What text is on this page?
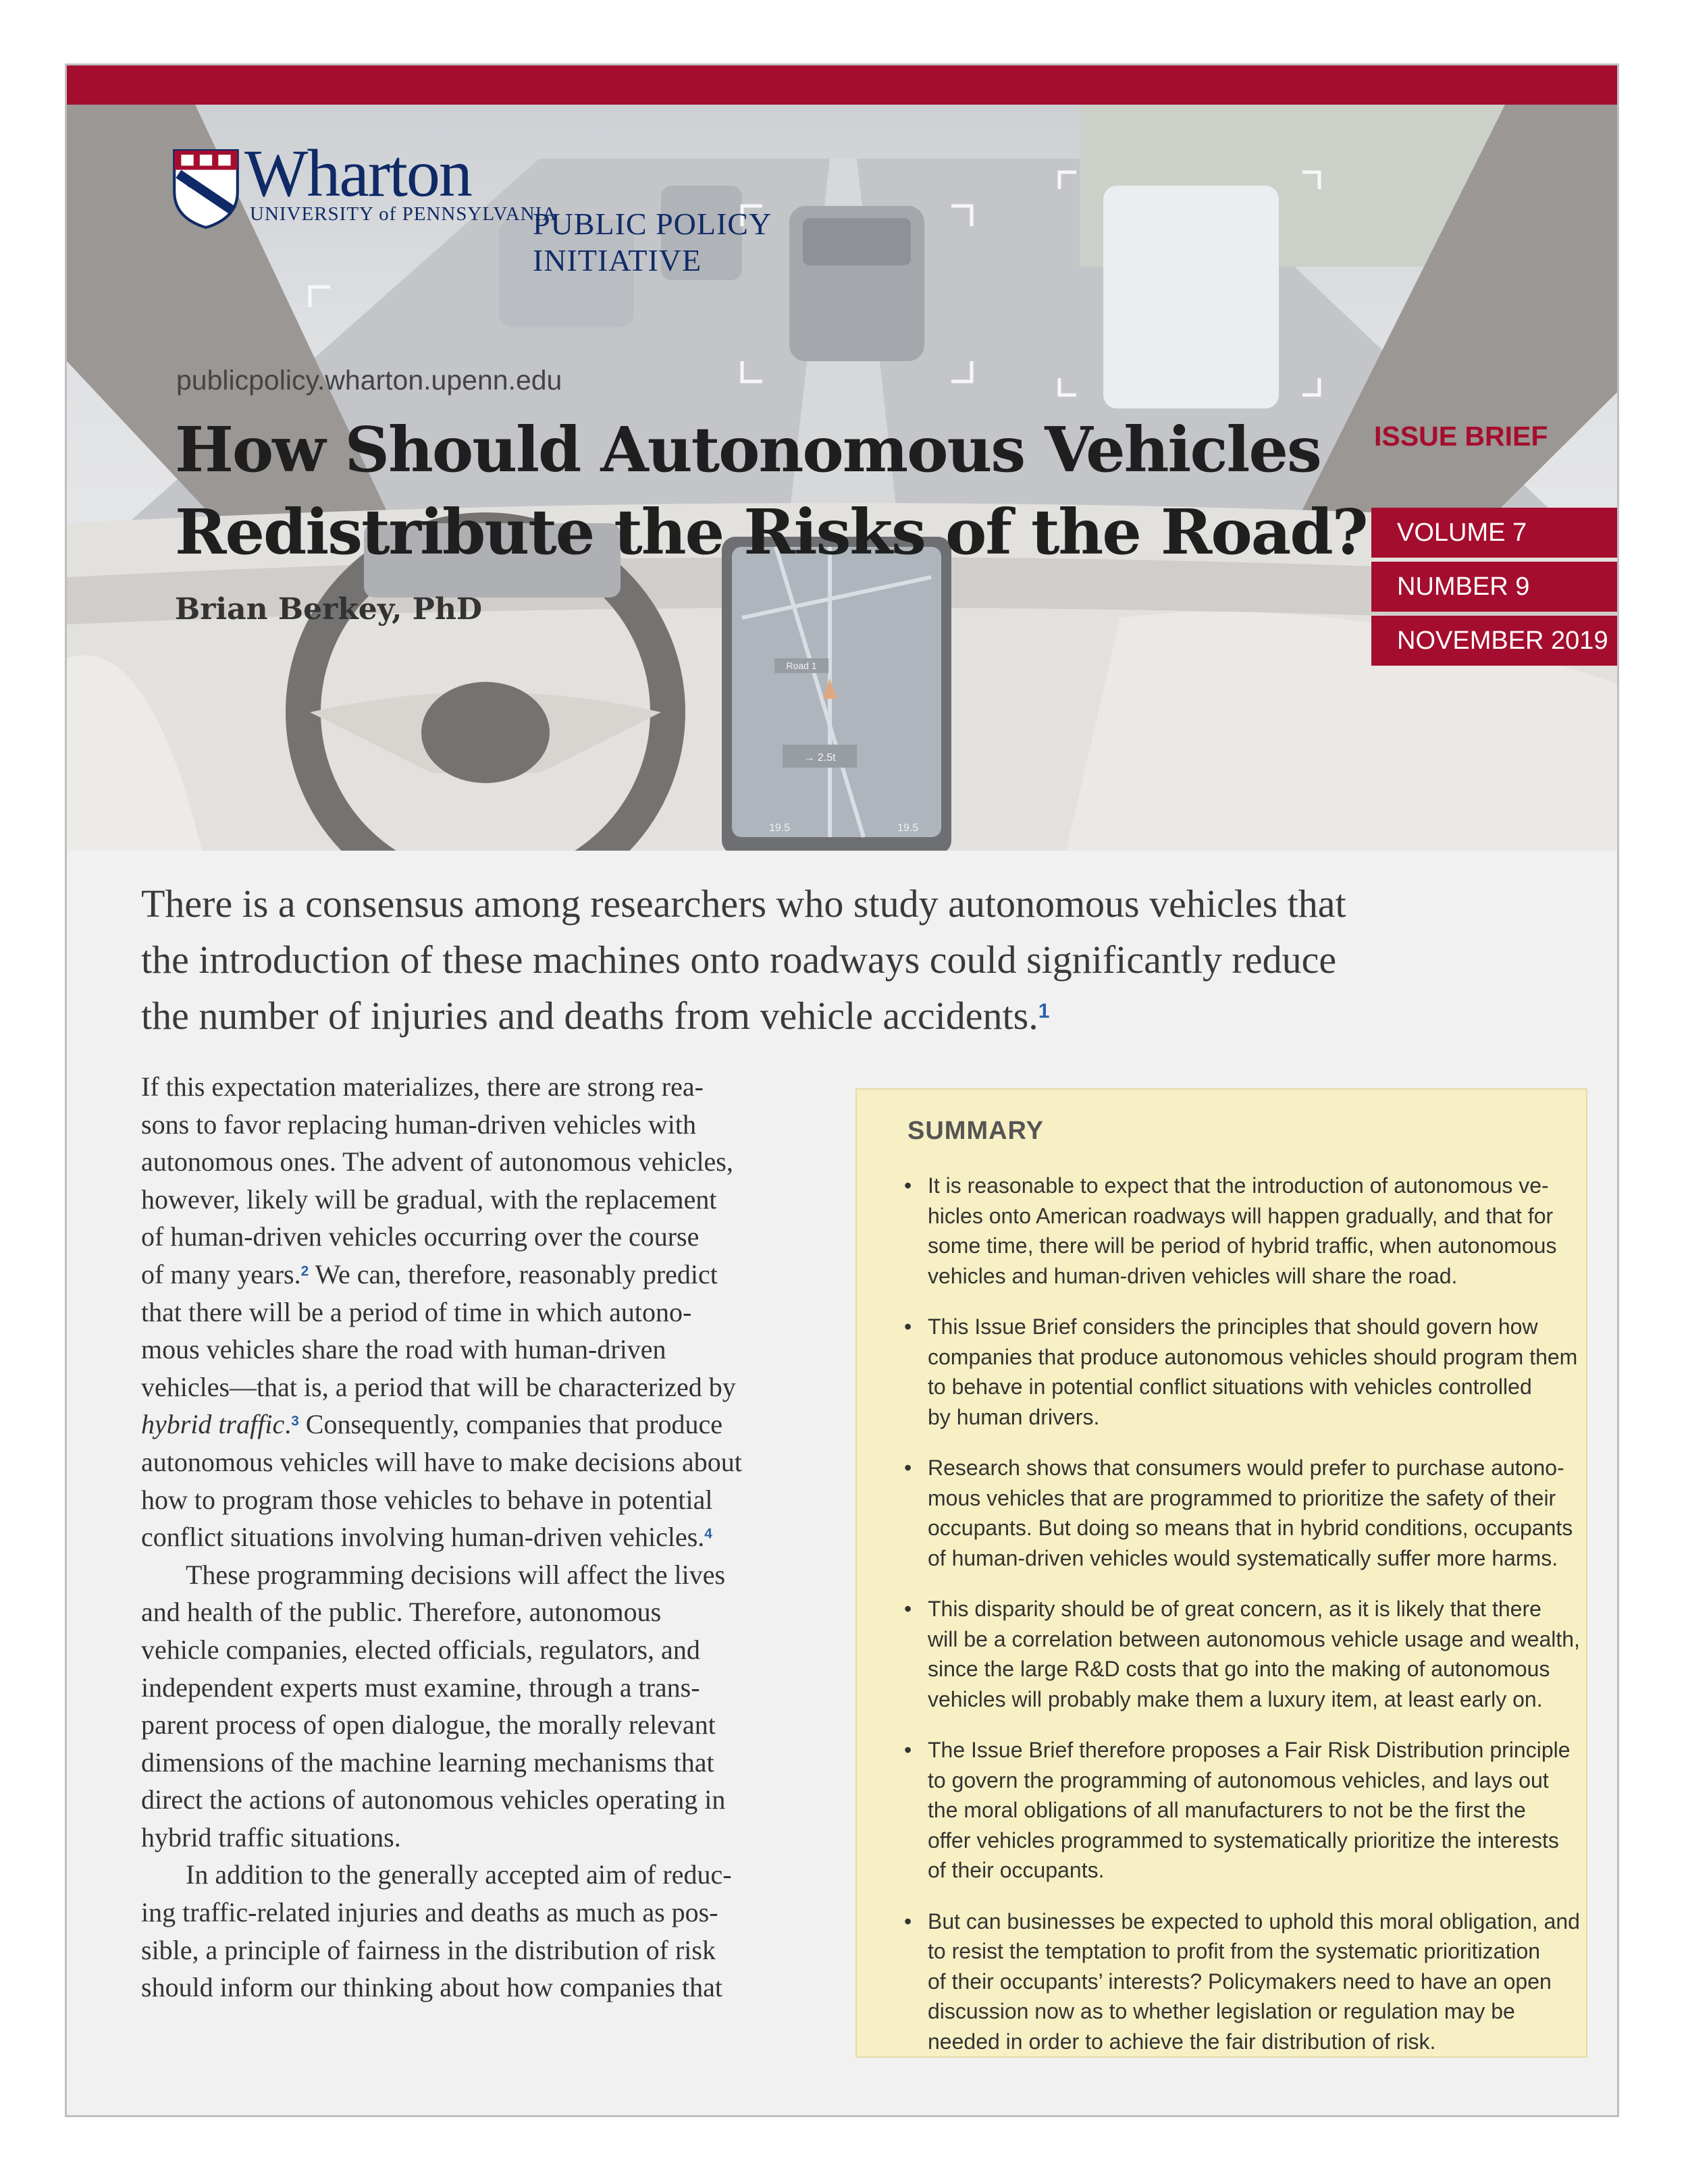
Road 1
→ 2.5t
19.5	19.5
Wharton
UNIVERSITY of PENNSYLVANIA
PUBLIC POLICY
INITIATIVE
publicpolicy.wharton.upenn.edu
How Should Autonomous Vehicles
Redistribute the Risks of the Road?
Brian Berkey, PhD
ISSUE BRIEF
VOLUME 7
NUMBER 9
NOVEMBER 2019

There is a consensus among researchers who study autonomous vehicles that
the introduction of these machines onto roadways could significantly reduce
the number of injuries and deaths from vehicle accidents.$^1$

If this expectation materializes, there are strong rea-
sons to favor replacing human-driven vehicles with
autonomous ones. The advent of autonomous vehicles,
however, likely will be gradual, with the replacement
of human-driven vehicles occurring over the course
of many years.$^2$ We can, therefore, reasonably predict
that there will be a period of time in which autono-
mous vehicles share the road with human-driven
vehicles—that is, a period that will be characterized by
hybrid traffic.$^3$ Consequently, companies that produce
autonomous vehicles will have to make decisions about
how to program those vehicles to behave in potential
conflict situations involving human-driven vehicles.$^4$
These programming decisions will affect the lives
and health of the public. Therefore, autonomous
vehicle companies, elected officials, regulators, and
independent experts must examine, through a trans-
parent process of open dialogue, the morally relevant
dimensions of the machine learning mechanisms that
direct the actions of autonomous vehicles operating in
hybrid traffic situations.
In addition to the generally accepted aim of reduc-
ing traffic-related injuries and deaths as much as pos-
sible, a principle of fairness in the distribution of risk
should inform our thinking about how companies that
SUMMARY
• It is reasonable to expect that the introduction of autonomous ve-
hicles onto American roadways will happen gradually, and that for
some time, there will be period of hybrid traffic, when autonomous
vehicles and human-driven vehicles will share the road.
• This Issue Brief considers the principles that should govern how
companies that produce autonomous vehicles should program them
to behave in potential conflict situations with vehicles controlled
by human drivers.
• Research shows that consumers would prefer to purchase autono-
mous vehicles that are programmed to prioritize the safety of their
occupants. But doing so means that in hybrid conditions, occupants
of human-driven vehicles would systematically suffer more harms.
• This disparity should be of great concern, as it is likely that there
will be a correlation between autonomous vehicle usage and wealth,
since the large R&D costs that go into the making of autonomous
vehicles will probably make them a luxury item, at least early on.
• The Issue Brief therefore proposes a Fair Risk Distribution principle
to govern the programming of autonomous vehicles, and lays out
the moral obligations of all manufacturers to not be the first the
offer vehicles programmed to systematically prioritize the interests
of their occupants.
• But can businesses be expected to uphold this moral obligation, and
to resist the temptation to profit from the systematic prioritization
of their occupants’ interests? Policymakers need to have an open
discussion now as to whether legislation or regulation may be
needed in order to achieve the fair distribution of risk.
